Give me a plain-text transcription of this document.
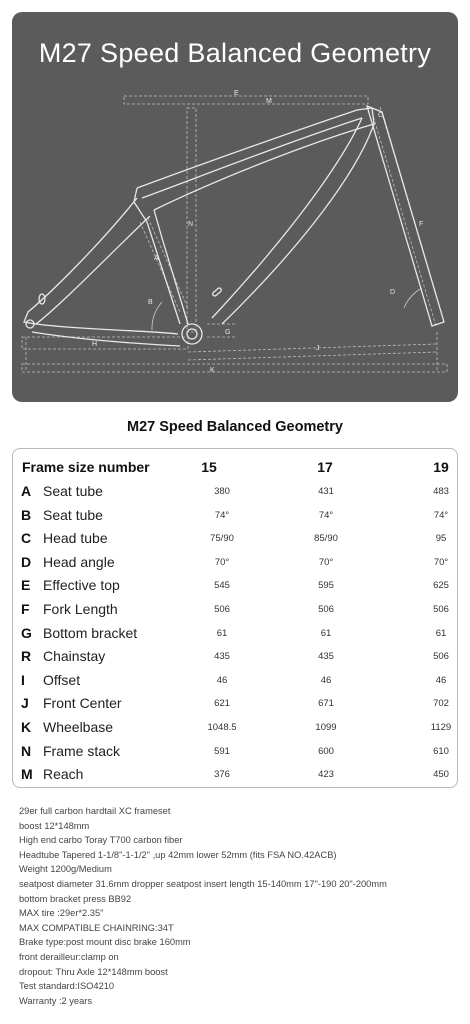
M27 Speed Balanced Geometry
E
M
C
F
N
A
B
D
G
H
J
K
M27 Speed Balanced Geometry
Frame size number	15	17	19
A Seat tube	380	431	483
B Seat tube	74°	74°	74°
C Head tube	75/90	85/90	95
D Head angle	70°	70°	70°
E Effective top	545	595	625
F Fork Length	506	506	506
G Bottom bracket	61	61	61
R Chainstay	435	435	506
I Offset	46	46	46
J Front Center	621	671	702
K Wheelbase	1048.5	1099	1129
N Frame stack	591	600	610
M Reach	376	423	450
29er full carbon hardtail XC frameset
boost 12*148mm
High end carbo Toray T700 carbon fiber
Headtube Tapered 1-1/8"-1-1/2" ,up 42mm lower 52mm (fits FSA NO.42ACB)
Weight 1200g/Medium
seatpost diameter 31.6mm dropper seatpost insert length 15-140mm 17"-190 20"-200mm
bottom bracket press BB92
MAX tire :29er*2.35"
MAX COMPATIBLE CHAINRING:34T
Brake type:post mount disc brake 160mm
front derailleur:clamp on
dropout: Thru Axle 12*148mm boost
Test standard:ISO4210
Warranty :2 years
